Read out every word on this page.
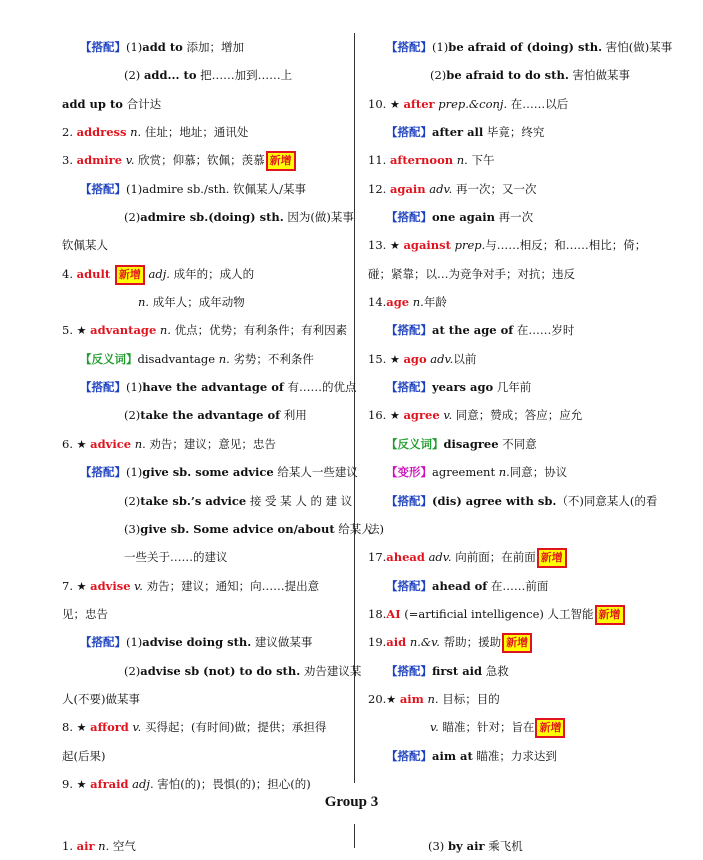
【搭配】(1)add to 添加；增加
(2) add... to 把……加到……上
add up to 合计达
2. address n. 住址；地址；通讯处
3. admire v. 欣赏；仰慕；钦佩；羡慕 新增
【搭配】(1)admire sb./sth. 钦佩某人/某事
(2)admire sb.(doing) sth. 因为(做)某事
钦佩某人
4. adult 新增 adj. 成年的；成人的
n. 成年人；成年动物
5. ★ advantage n. 优点；优势；有利条件；有利因素
【反义词】disadvantage n. 劣势；不利条件
【搭配】(1)have the advantage of 有……的优点
(2)take the advantage of 利用
6. ★ advice n. 劝告；建议；意见；忠告
【搭配】(1)give sb. some advice 给某人一些建议
(2)take sb.’s advice 接 受 某 人 的 建 议
(3)give sb. Some advice on/about 给某人
一些关于……的建议
7. ★ advise v. 劝告；建议；通知；向……提出意
见；忠告
【搭配】(1)advise doing sth. 建议做某事
(2)advise sb (not) to do sth. 劝告建议某
人(不要)做某事
8. ★ afford v. 买得起；(有时间)做；提供；承担得
起(后果)
9. ★ afraid adj. 害怕(的)；畏惧(的)；担心(的)
【搭配】(1)be afraid of (doing) sth. 害怕(做)某事
(2)be afraid to do sth. 害怕做某事
10. ★ after prep.&conj. 在……以后
【搭配】after all 毕竟；终究
11. afternoon n. 下午
12. again adv. 再一次；又一次
【搭配】one again 再一次
13. ★ against prep.与……相反；和……相比；倚；
碰；紧靠；以…为竞争对手；对抗；违反
14.age n.年龄
【搭配】at the age of 在……岁时
15. ★ ago adv.以前
【搭配】years ago 几年前
16. ★ agree v. 同意；赞成；答应；应允
【反义词】disagree 不同意
【变形】agreement n.同意；协议
【搭配】(dis) agree with sb.（不)同意某人(的看
法)
17.ahead adv. 向前面；在前面 新增
【搭配】ahead of 在……前面
18.AI (=artificial intelligence) 人工智能 新增
19.aid n.&v. 帮助；援助 新增
【搭配】first aid 急救
20.★ aim n. 目标；目的
v. 瞄准；针对；旨在 新增
【搭配】aim at 瞄准；力求达到
Group 3
1. air n. 空气	(3) by air 乘飞机
